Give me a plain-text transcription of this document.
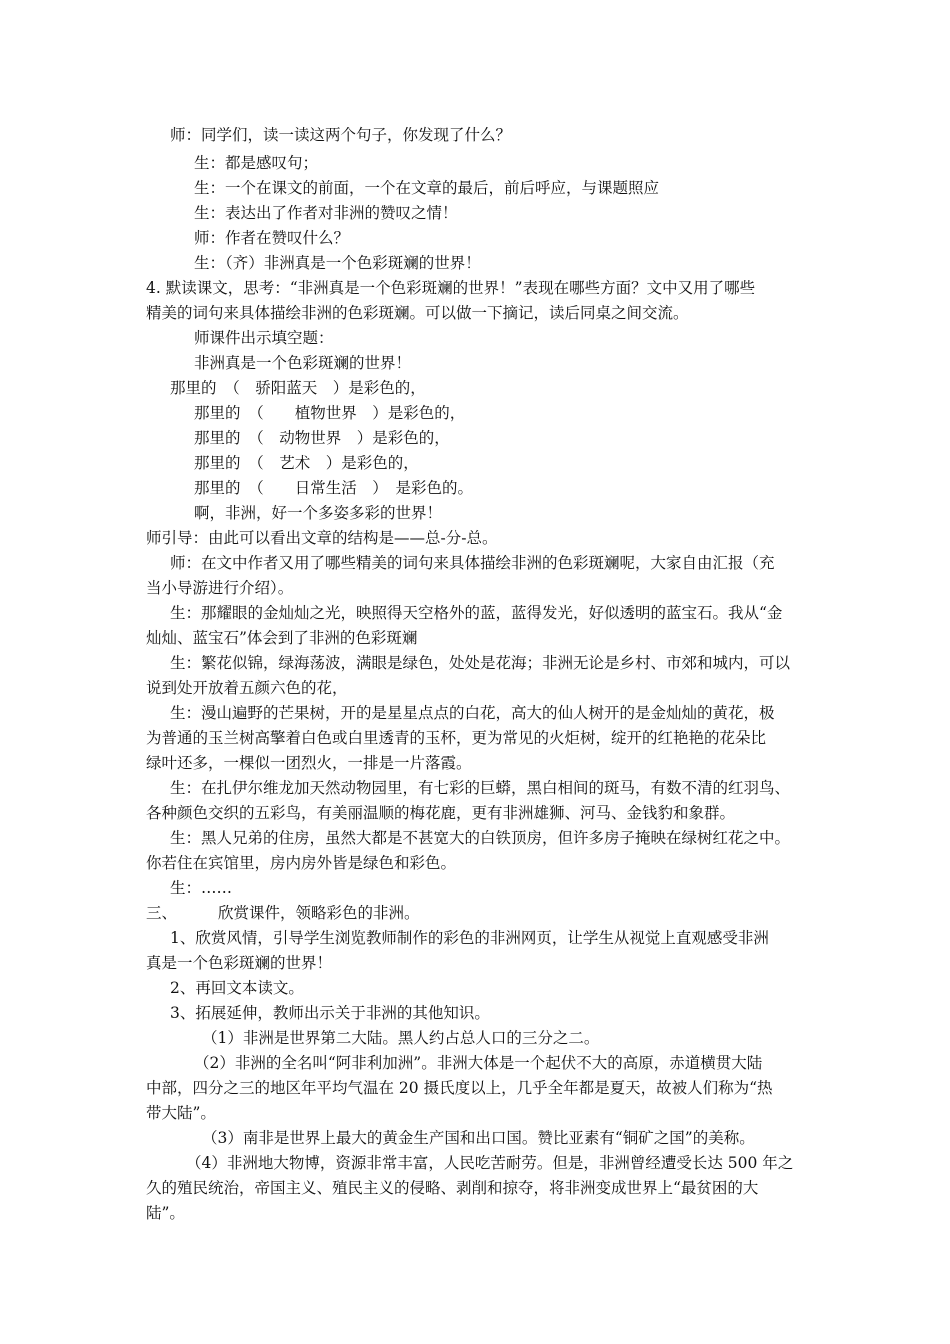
师：同学们，读一读这两个句子，你发现了什么？
生：都是感叹句；
生：一个在课文的前面，一个在文章的最后，前后呼应，与课题照应
生：表达出了作者对非洲的赞叹之情！
师：作者在赞叹什么？
生：（齐）非洲真是一个色彩斑斓的世界！
4. 默读课文，思考：“非洲真是一个色彩斑斓的世界！”表现在哪些方面？文中又用了哪些
精美的词句来具体描绘非洲的色彩斑斓。可以做一下摘记，读后同桌之间交流。
师课件出示填空题：
非洲真是一个色彩斑斓的世界！
那里的　（　骄阳蓝天　）是彩色的，
那里的　（　　植物世界　）是彩色的，
那里的　（　动物世界　）是彩色的，
那里的　（　艺术　）是彩色的，
那里的　（　　日常生活　）　是彩色的。
啊，非洲，好一个多姿多彩的世界！
师引导：由此可以看出文章的结构是——总-分-总。
师：在文中作者又用了哪些精美的词句来具体描绘非洲的色彩斑斓呢，大家自由汇报（充
当小导游进行介绍）。
生：那耀眼的金灿灿之光，映照得天空格外的蓝，蓝得发光，好似透明的蓝宝石。我从“金
灿灿、蓝宝石”体会到了非洲的色彩斑斓
生：繁花似锦，绿海荡波，满眼是绿色，处处是花海；非洲无论是乡村、市郊和城内，可以
说到处开放着五颜六色的花，
生：漫山遍野的芒果树，开的是星星点点的白花，高大的仙人树开的是金灿灿的黄花，极
为普通的玉兰树高擎着白色或白里透青的玉杯，更为常见的火炬树，绽开的红艳艳的花朵比
绿叶还多，一棵似一团烈火，一排是一片落霞。
生：在扎伊尔维龙加天然动物园里，有七彩的巨蟒，黑白相间的斑马，有数不清的红羽鸟、
各种颜色交织的五彩鸟，有美丽温顺的梅花鹿，更有非洲雄狮、河马、金钱豹和象群。
生：黑人兄弟的住房，虽然大都是不甚宽大的白铁顶房，但许多房子掩映在绿树红花之中。
你若住在宾馆里，房内房外皆是绿色和彩色。
生：……
三、	欣赏课件，领略彩色的非洲。
1、欣赏风情，引导学生浏览教师制作的彩色的非洲网页，让学生从视觉上直观感受非洲
真是一个色彩斑斓的世界！
2、再回文本读文。
3、拓展延伸，教师出示关于非洲的其他知识。
（1）非洲是世界第二大陆。黑人约占总人口的三分之二。
（2）非洲的全名叫“阿非利加洲”。非洲大体是一个起伏不大的高原，赤道横贯大陆
中部，四分之三的地区年平均气温在 20 摄氏度以上，几乎全年都是夏天，故被人们称为“热
带大陆”。
（3）南非是世界上最大的黄金生产国和出口国。赞比亚素有“铜矿之国”的美称。
（4）非洲地大物博，资源非常丰富，人民吃苦耐劳。但是，非洲曾经遭受长达 500 年之
久的殖民统治，帝国主义、殖民主义的侵略、剥削和掠夺，将非洲变成世界上“最贫困的大
陆”。
